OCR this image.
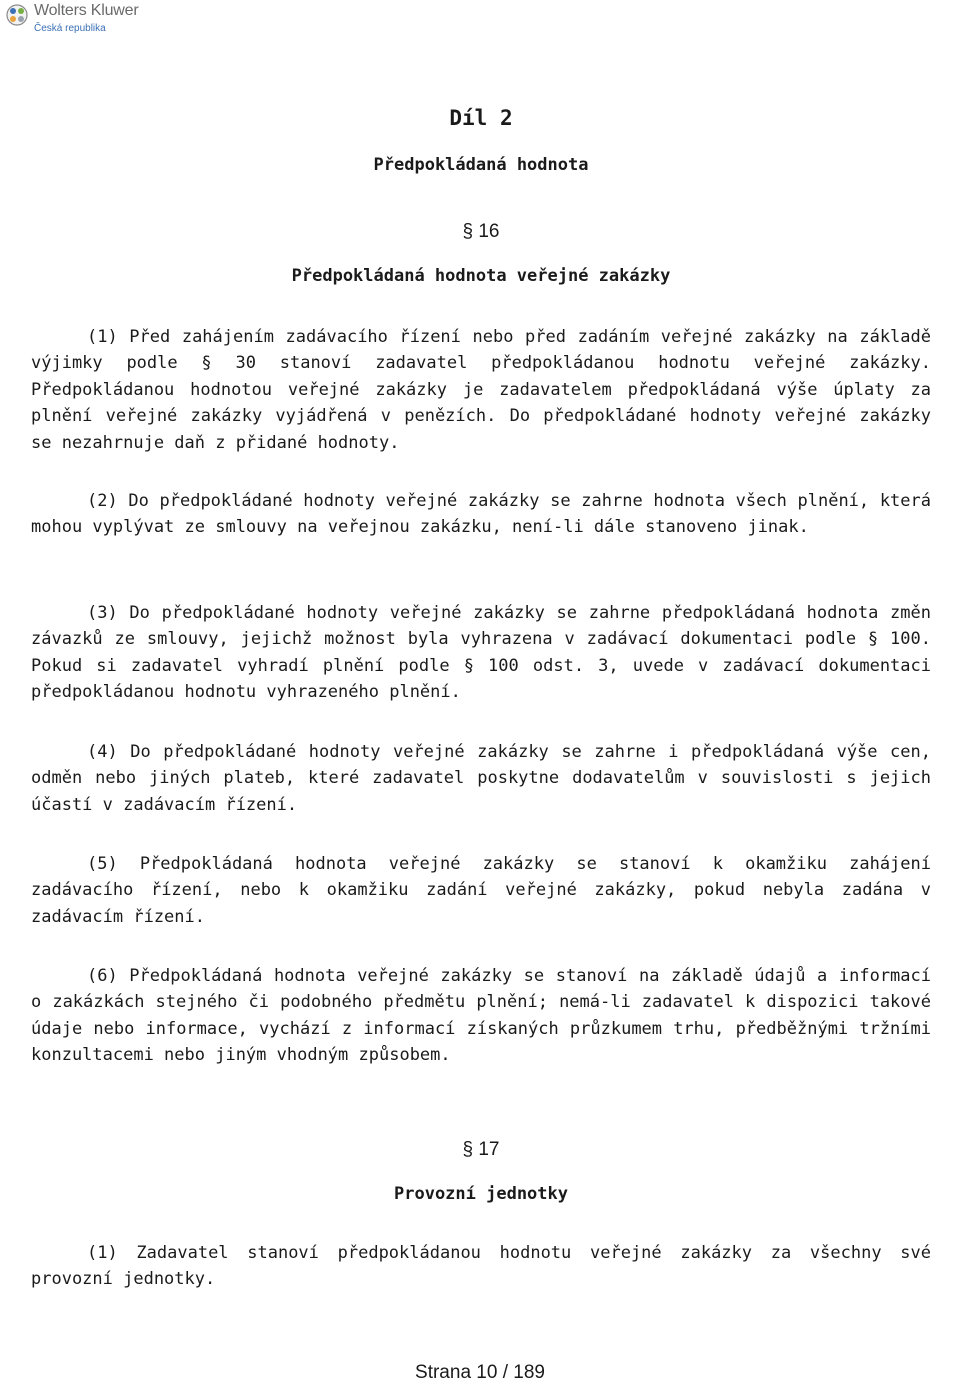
Wolters Kluwer
Česká republika
Díl 2
Předpokládaná hodnota
§ 16
Předpokládaná hodnota veřejné zakázky

(1) Před zahájením zadávacího řízení nebo před zadáním veřejné zakázky na základě výjimky podle § 30 stanoví zadavatel předpokládanou hodnotu veřejné zakázky. Předpokládanou hodnotou veřejné zakázky je zadavatelem předpokládaná výše úplaty za plnění veřejné zakázky vyjádřená v penězích. Do předpokládané hodnoty veřejné zakázky se nezahrnuje daň z přidané hodnoty.

(2) Do předpokládané hodnoty veřejné zakázky se zahrne hodnota všech plnění, která mohou vyplývat ze smlouvy na veřejnou zakázku, není-li dále stanoveno jinak.

(3) Do předpokládané hodnoty veřejné zakázky se zahrne předpokládaná hodnota změn závazků ze smlouvy, jejichž možnost byla vyhrazena v zadávací dokumentaci podle § 100. Pokud si zadavatel vyhradí plnění podle § 100 odst. 3, uvede v zadávací dokumentaci předpokládanou hodnotu vyhrazeného plnění.

(4) Do předpokládané hodnoty veřejné zakázky se zahrne i předpokládaná výše cen, odměn nebo jiných plateb, které zadavatel poskytne dodavatelům v souvislosti s jejich účastí v zadávacím řízení.

(5) Předpokládaná hodnota veřejné zakázky se stanoví k okamžiku zahájení zadávacího řízení, nebo k okamžiku zadání veřejné zakázky, pokud nebyla zadána v zadávacím řízení.

(6) Předpokládaná hodnota veřejné zakázky se stanoví na základě údajů a informací o zakázkách stejného či podobného předmětu plnění; nemá-li zadavatel k dispozici takové údaje nebo informace, vychází z informací získaných průzkumem trhu, předběžnými tržními konzultacemi nebo jiným vhodným způsobem.

§ 17
Provozní jednotky

(1) Zadavatel stanoví předpokládanou hodnotu veřejné zakázky za všechny své provozní jednotky.

Strana 10 / 189
